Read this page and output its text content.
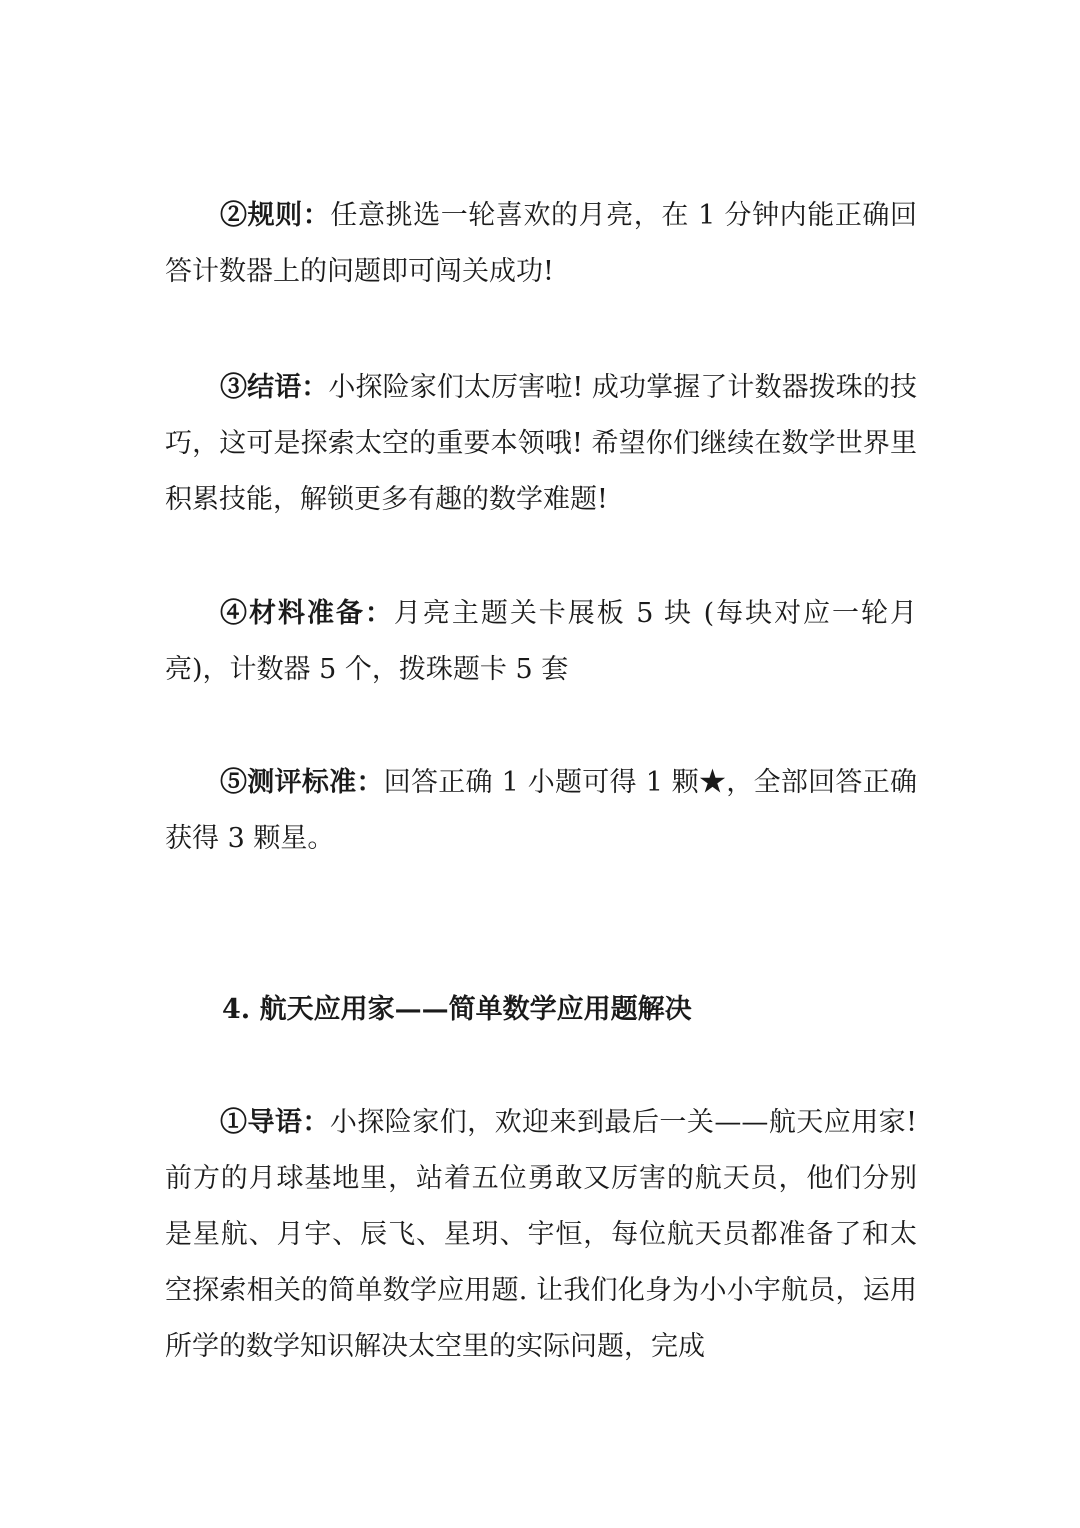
②规则：任意挑选一轮喜欢的月亮，在 1 分钟内能正确回答计数器上的问题即可闯关成功!

③结语：小探险家们太厉害啦! 成功掌握了计数器拨珠的技巧，这可是探索太空的重要本领哦! 希望你们继续在数学世界里积累技能，解锁更多有趣的数学难题!

④材料准备：月亮主题关卡展板 5 块 (每块对应一轮月亮)，计数器 5 个，拨珠题卡 5 套

⑤测评标准：回答正确 1 小题可得 1 颗★，全部回答正确获得 3 颗星。

4. 航天应用家——简单数学应用题解决

①导语：小探险家们，欢迎来到最后一关——航天应用家! 前方的月球基地里，站着五位勇敢又厉害的航天员，他们分别是星航、月宇、辰飞、星玥、宇恒，每位航天员都准备了和太空探索相关的简单数学应用题. 让我们化身为小小宇航员，运用所学的数学知识解决太空里的实际问题，完成
